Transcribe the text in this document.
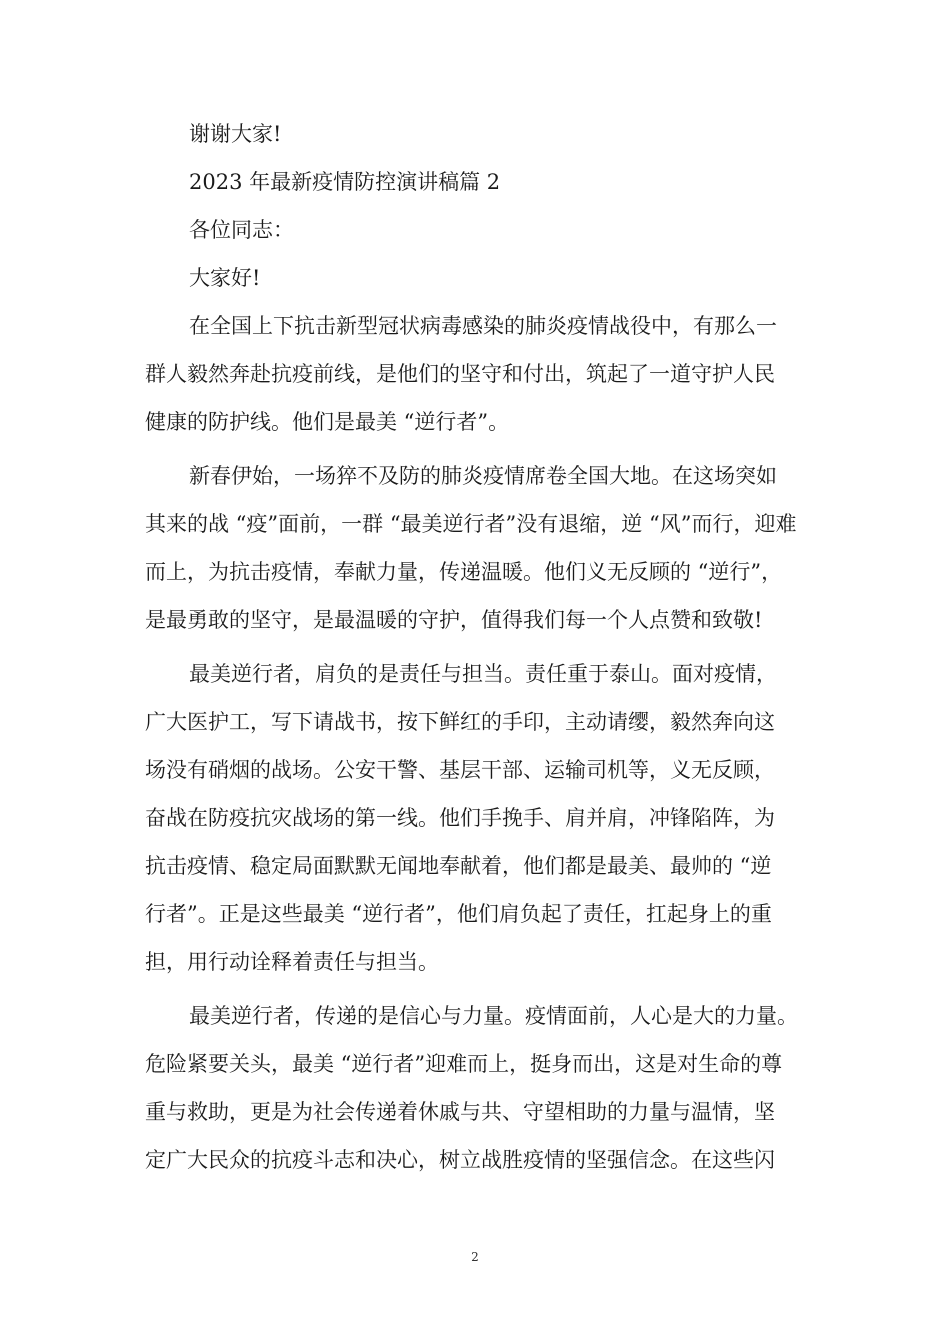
谢谢大家!
2023 年最新疫情防控演讲稿篇 2
各位同志：
大家好!
在全国上下抗击新型冠状病毒感染的肺炎疫情战役中，有那么一
群人毅然奔赴抗疫前线，是他们的坚守和付出，筑起了一道守护人民
健康的防护线。他们是最美 “逆行者”。
新春伊始，一场猝不及防的肺炎疫情席卷全国大地。在这场突如
其来的战 “疫”面前，一群 “最美逆行者”没有退缩，逆 “风”而行，迎难
而上，为抗击疫情，奉献力量，传递温暖。他们义无反顾的 “逆行”，
是最勇敢的坚守，是最温暖的守护，值得我们每一个人点赞和致敬!
最美逆行者，肩负的是责任与担当。责任重于泰山。面对疫情，
广大医护工，写下请战书，按下鲜红的手印，主动请缨，毅然奔向这
场没有硝烟的战场。公安干警、基层干部、运输司机等，义无反顾，
奋战在防疫抗灾战场的第一线。他们手挽手、肩并肩，冲锋陷阵，为
抗击疫情、稳定局面默默无闻地奉献着，他们都是最美、最帅的 “逆
行者”。正是这些最美 “逆行者”，他们肩负起了责任，扛起身上的重
担，用行动诠释着责任与担当。
最美逆行者，传递的是信心与力量。疫情面前，人心是大的力量。
危险紧要关头，最美 “逆行者”迎难而上，挺身而出，这是对生命的尊
重与救助，更是为社会传递着休戚与共、守望相助的力量与温情，坚
定广大民众的抗疫斗志和决心，树立战胜疫情的坚强信念。在这些闪
2
